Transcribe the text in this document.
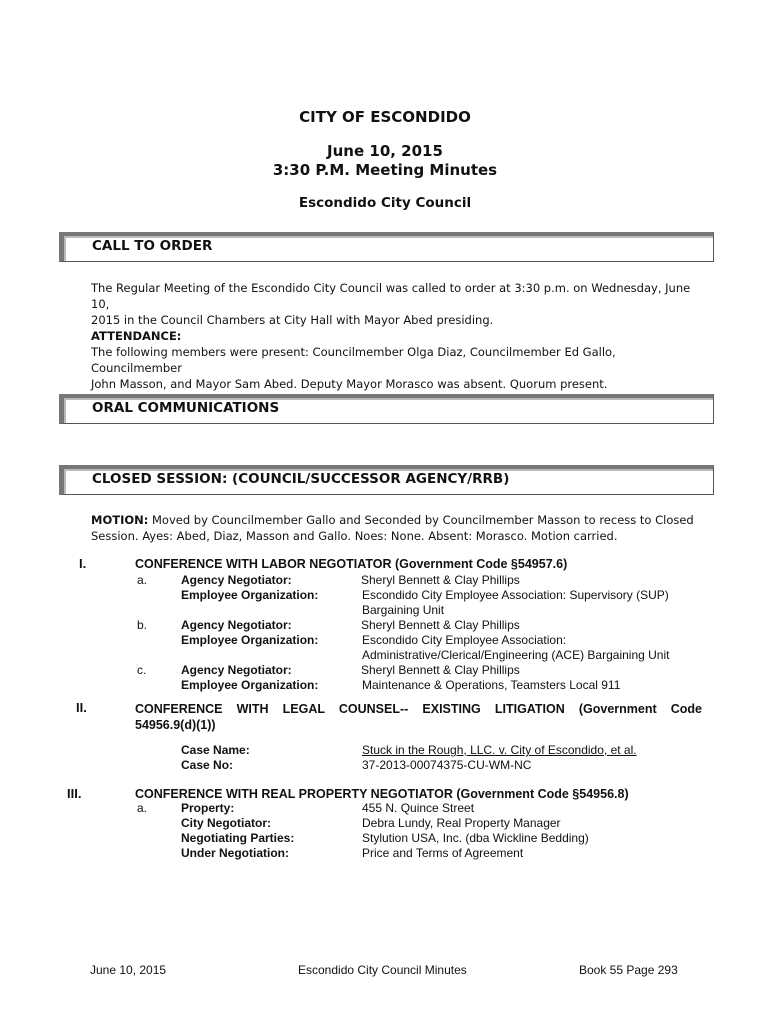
CITY OF ESCONDIDO
June 10, 2015
3:30 P.M. Meeting Minutes
Escondido City Council
CALL TO ORDER
The Regular Meeting of the Escondido City Council was called to order at 3:30 p.m. on Wednesday, June 10,
2015 in the Council Chambers at City Hall with Mayor Abed presiding.
ATTENDANCE:
The following members were present: Councilmember Olga Diaz, Councilmember Ed Gallo, Councilmember
John Masson, and Mayor Sam Abed. Deputy Mayor Morasco was absent. Quorum present.
ORAL COMMUNICATIONS
CLOSED SESSION: (COUNCIL/SUCCESSOR AGENCY/RRB)
MOTION: Moved by Councilmember Gallo and Seconded by Councilmember Masson to recess to Closed
Session. Ayes: Abed, Diaz, Masson and Gallo. Noes: None. Absent: Morasco. Motion carried.
I.	CONFERENCE WITH LABOR NEGOTIATOR (Government Code §54957.6)
a.	Agency Negotiator:	Sheryl Bennett & Clay Phillips
Employee Organization:	Escondido City Employee Association: Supervisory (SUP)
Bargaining Unit
b.	Agency Negotiator:	Sheryl Bennett & Clay Phillips
Employee Organization:	Escondido City Employee Association:
Administrative/Clerical/Engineering (ACE) Bargaining Unit
c.	Agency Negotiator:	Sheryl Bennett & Clay Phillips
Employee Organization:	Maintenance & Operations, Teamsters Local 911
II.	CONFERENCE WITH LEGAL COUNSEL-- EXISTING LITIGATION (Government Code
54956.9(d)(1))
Case Name:	Stuck in the Rough, LLC. v. City of Escondido, et al.
Case No:	37-2013-00074375-CU-WM-NC
III.	CONFERENCE WITH REAL PROPERTY NEGOTIATOR (Government Code §54956.8)
a.	Property:	455 N. Quince Street
City Negotiator:	Debra Lundy, Real Property Manager
Negotiating Parties:	Stylution USA, Inc. (dba Wickline Bedding)
Under Negotiation:	Price and Terms of Agreement
June 10, 2015	Escondido City Council Minutes	Book 55 Page 293
